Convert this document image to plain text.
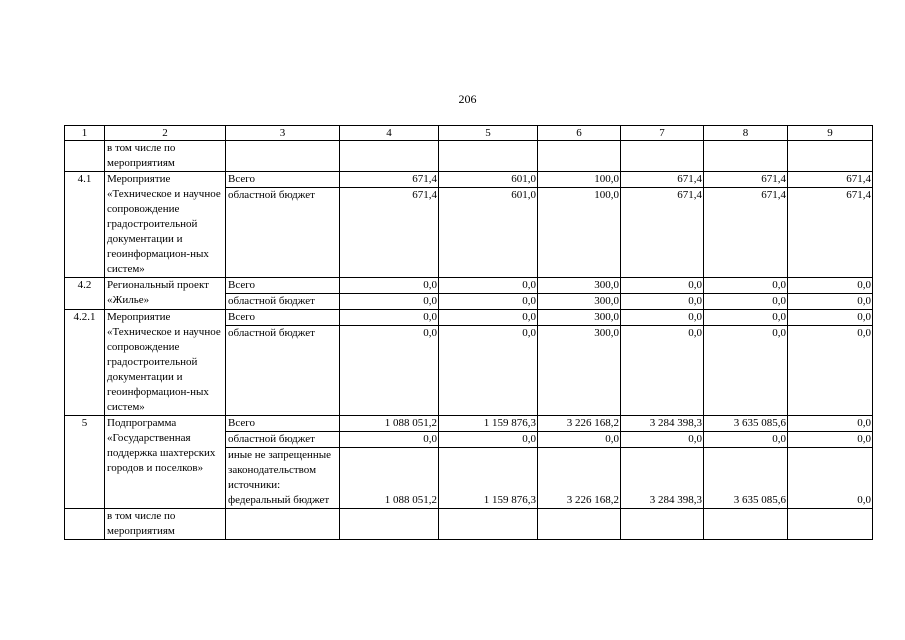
206
1	2	3	4	5	6	7	8	9
	в том числе по мероприятиям							
4.1	Мероприятие «Техническое и научное сопровождение градостроительной документации и геоинформацион-ных систем»	Всего	671,4	601,0	100,0	671,4	671,4	671,4
		областной бюджет	671,4	601,0	100,0	671,4	671,4	671,4
4.2	Региональный проект «Жилье»	Всего	0,0	0,0	300,0	0,0	0,0	0,0
		областной бюджет	0,0	0,0	300,0	0,0	0,0	0,0
4.2.1	Мероприятие «Техническое и научное сопровождение градостроительной документации и геоинформацион-ных систем»	Всего	0,0	0,0	300,0	0,0	0,0	0,0
		областной бюджет	0,0	0,0	300,0	0,0	0,0	0,0
5	Подпрограмма «Государственная поддержка шахтерских городов и поселков»	Всего	1 088 051,2	1 159 876,3	3 226 168,2	3 284 398,3	3 635 085,6	0,0
		областной бюджет	0,0	0,0	0,0	0,0	0,0	0,0
		иные не запрещенные законодательством источники: федеральный бюджет	1 088 051,2	1 159 876,3	3 226 168,2	3 284 398,3	3 635 085,6	0,0
	в том числе по мероприятиям							
